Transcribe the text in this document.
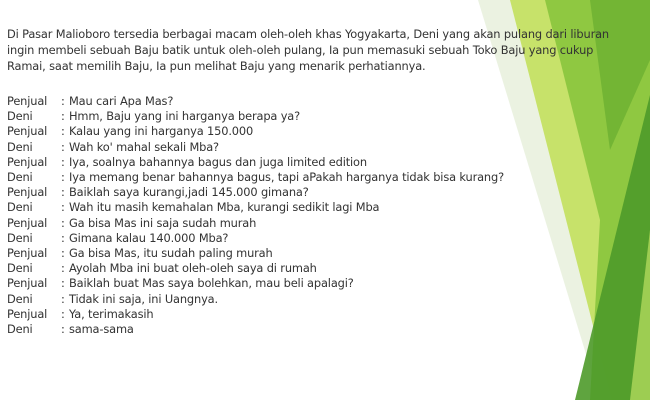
Di Pasar Malioboro tersedia berbagai macam oleh-oleh khas Yogyakarta, Deni yang akan pulang dari liburan
ingin membeli sebuah Baju batik untuk oleh-oleh pulang, Ia pun memasuki sebuah Toko Baju yang cukup
Ramai, saat memilih Baju, Ia pun melihat Baju yang menarik perhatiannya.

Penjual	: Mau cari Apa Mas?
Deni	: Hmm, Baju yang ini harganya berapa ya?
Penjual	: Kalau yang ini harganya 150.000
Deni	: Wah ko' mahal sekali Mba?
Penjual	: Iya, soalnya bahannya bagus dan juga limited edition
Deni	: Iya memang benar bahannya bagus, tapi aPakah harganya tidak bisa kurang?
Penjual	: Baiklah saya kurangi,jadi 145.000 gimana?
Deni	: Wah itu masih kemahalan Mba, kurangi sedikit lagi Mba
Penjual	: Ga bisa Mas ini saja sudah murah
Deni	: Gimana kalau 140.000 Mba?
Penjual	: Ga bisa Mas, itu sudah paling murah
Deni	: Ayolah Mba ini buat oleh-oleh saya di rumah
Penjual	: Baiklah buat Mas saya bolehkan, mau beli apalagi?
Deni	: Tidak ini saja, ini Uangnya.
Penjual	: Ya, terimakasih
Deni	: sama-sama
